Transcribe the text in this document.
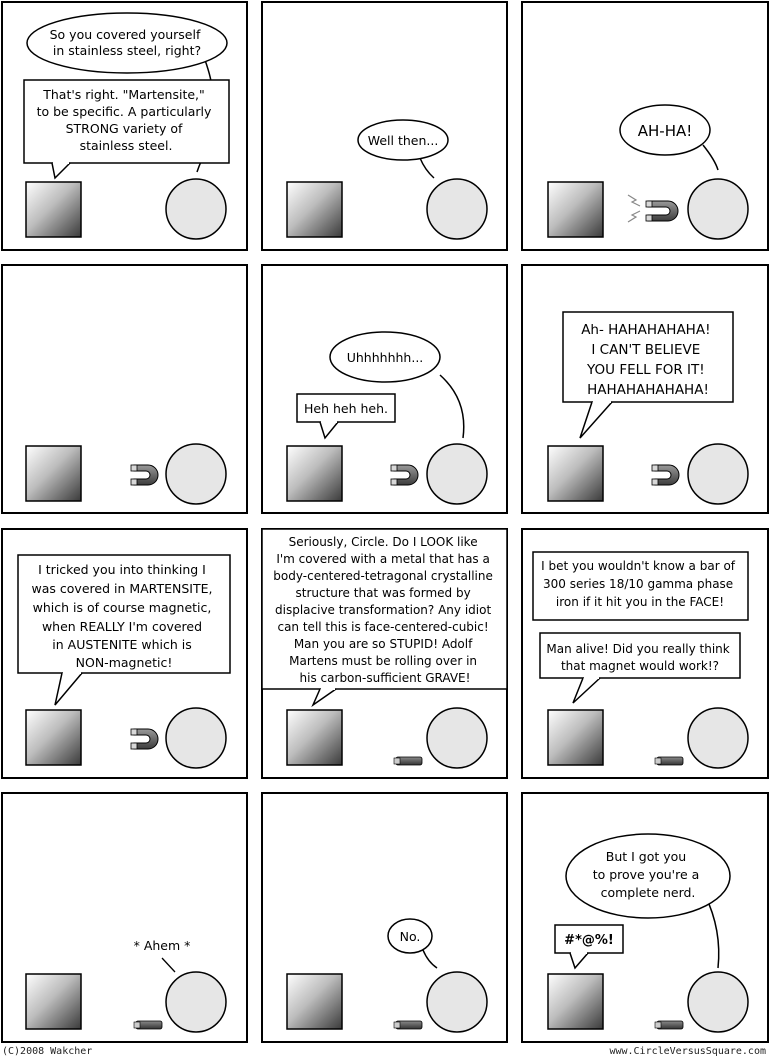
So you covered yourself in stainless steel, right?
That's right. "Martensite," to be specific. A particularly STRONG variety of stainless steel.	Well then...
AH-HA!
Uhhhhhhh...
Heh heh heh.
Ah- HAHAHAHAHA! I CAN'T BELIEVE YOU FELL FOR IT! HAHAHAHAHAHA!
I tricked you into thinking I was covered in MARTENSITE, which is of course magnetic, when REALLY I'm covered in AUSTENITE which is NON-magnetic!
Seriously, Circle. Do I LOOK like I'm covered with a metal that has a body-centered-tetragonal crystalline structure that was formed by displacive transformation? Any idiot can tell this is face-centered-cubic! Man you are so STUPID! Adolf Martens must be rolling over in his carbon-sufficient GRAVE!
I bet you wouldn't know a bar of 300 series 18/10 gamma phase iron if it hit you in the FACE!
Man alive! Did you really think that magnet would work!?
* Ahem *
No.
But I got you to prove you're a complete nerd.
#*@%!
(C)2008 Wakcher	www.CircleVersusSquare.com
